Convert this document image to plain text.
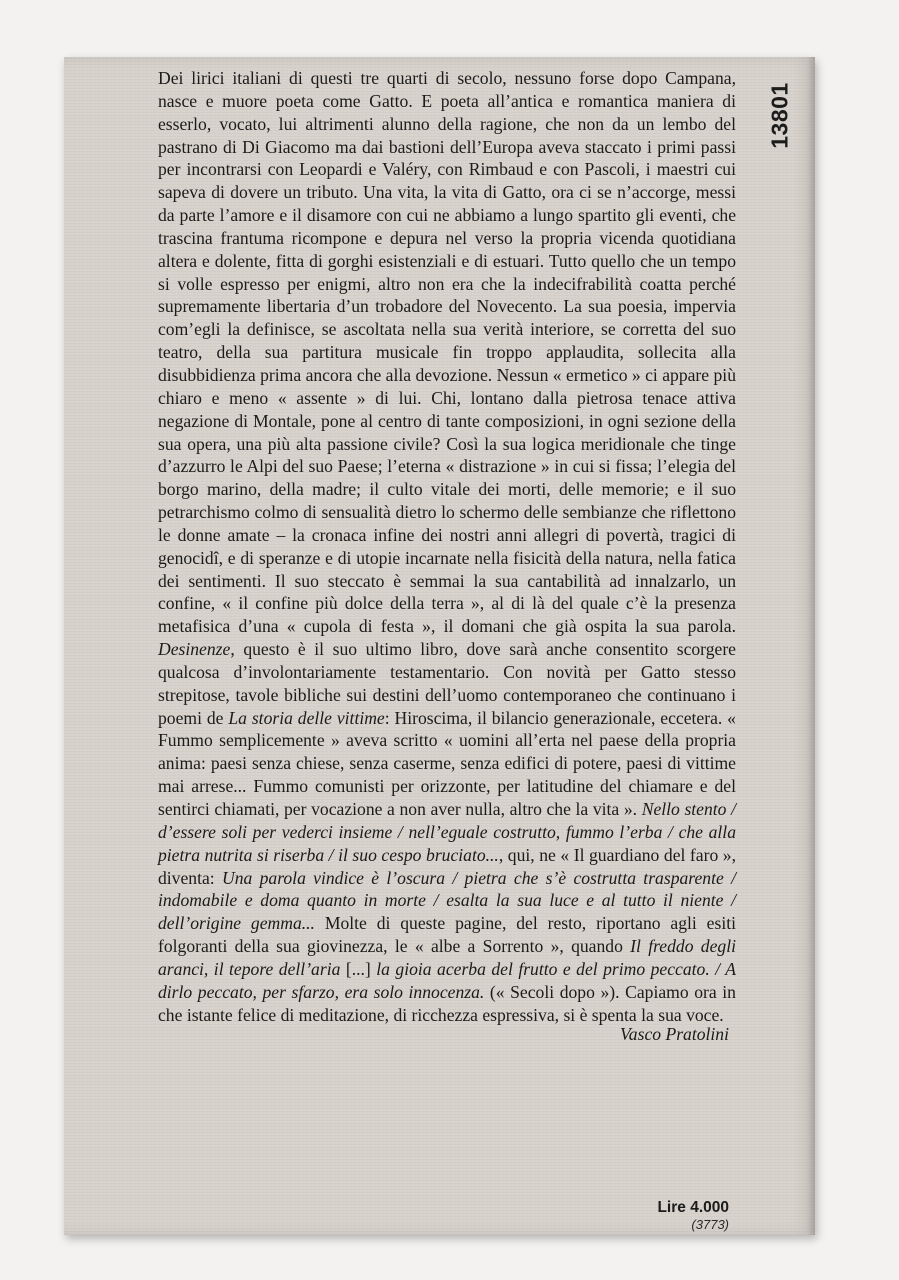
13801

Dei lirici italiani di questi tre quarti di secolo, nessuno forse dopo Campana, nasce e muore poeta come Gatto. E poeta all’antica e romantica maniera di esserlo, vocato, lui altrimenti alunno della ragione, che non da un lembo del pastrano di Di Giacomo ma dai bastioni dell’Europa aveva staccato i primi passi per incontrarsi con Leopardi e Valéry, con Rimbaud e con Pascoli, i maestri cui sapeva di dovere un tributo. Una vita, la vita di Gatto, ora ci se n’accorge, messi da parte l’amore e il disamore con cui ne abbiamo a lungo spartito gli eventi, che trascina frantuma ricompone e depura nel verso la propria vicenda quotidiana altera e dolente, fitta di gorghi esistenziali e di estuari. Tutto quello che un tempo si volle espresso per enigmi, altro non era che la indecifrabilità coatta perché supremamente libertaria d’un trobadore del Novecento. La sua poesia, impervia com’egli la definisce, se ascoltata nella sua verità interiore, se corretta del suo teatro, della sua partitura musicale fin troppo applaudita, sollecita alla disubbidienza prima ancora che alla devozione. Nessun « ermetico » ci appare più chiaro e meno « assente » di lui. Chi, lontano dalla pietrosa tenace attiva negazione di Montale, pone al centro di tante composizioni, in ogni sezione della sua opera, una più alta passione civile? Così la sua logica meridionale che tinge d’azzurro le Alpi del suo Paese; l’eterna « distrazione » in cui si fissa; l’elegia del borgo marino, della madre; il culto vitale dei morti, delle memorie; e il suo petrarchismo colmo di sensualità dietro lo schermo delle sembianze che riflettono le donne amate – la cronaca infine dei nostri anni allegri di povertà, tragici di genocidî, e di speranze e di utopie incarnate nella fisicità della natura, nella fatica dei sentimenti. Il suo steccato è semmai la sua cantabilità ad innalzarlo, un confine, « il confine più dolce della terra », al di là del quale c’è la presenza metafisica d’una « cupola di festa », il domani che già ospita la sua parola. Desinenze, questo è il suo ultimo libro, dove sarà anche consentito scorgere qualcosa d’involontariamente testamentario. Con novità per Gatto stesso strepitose, tavole bibliche sui destini dell’uomo contemporaneo che continuano i poemi de La storia delle vittime: Hiroscima, il bilancio generazionale, eccetera. « Fummo semplicemente » aveva scritto « uomini all’erta nel paese della propria anima: paesi senza chiese, senza caserme, senza edifici di potere, paesi di vittime mai arrese... Fummo comunisti per orizzonte, per latitudine del chiamare e del sentirci chiamati, per vocazione a non aver nulla, altro che la vita ». Nello stento / d’essere soli per vederci insieme / nell’eguale costrutto, fummo l’erba / che alla pietra nutrita si riserba / il suo cespo bruciato..., qui, ne « Il guardiano del faro », diventa: Una parola vindice è l’oscura / pietra che s’è costrutta trasparente / indomabile e doma quanto in morte / esalta la sua luce e al tutto il niente / dell’origine gemma... Molte di queste pagine, del resto, riportano agli esiti folgoranti della sua giovinezza, le « albe a Sorrento », quando Il freddo degli aranci, il tepore dell’aria [...] la gioia acerba del frutto e del primo peccato. / A dirlo peccato, per sfarzo, era solo innocenza. (« Secoli dopo »). Capiamo ora in che istante felice di meditazione, di ricchezza espressiva, si è spenta la sua voce.

Vasco Pratolini
Lire 4.000
(3773)
